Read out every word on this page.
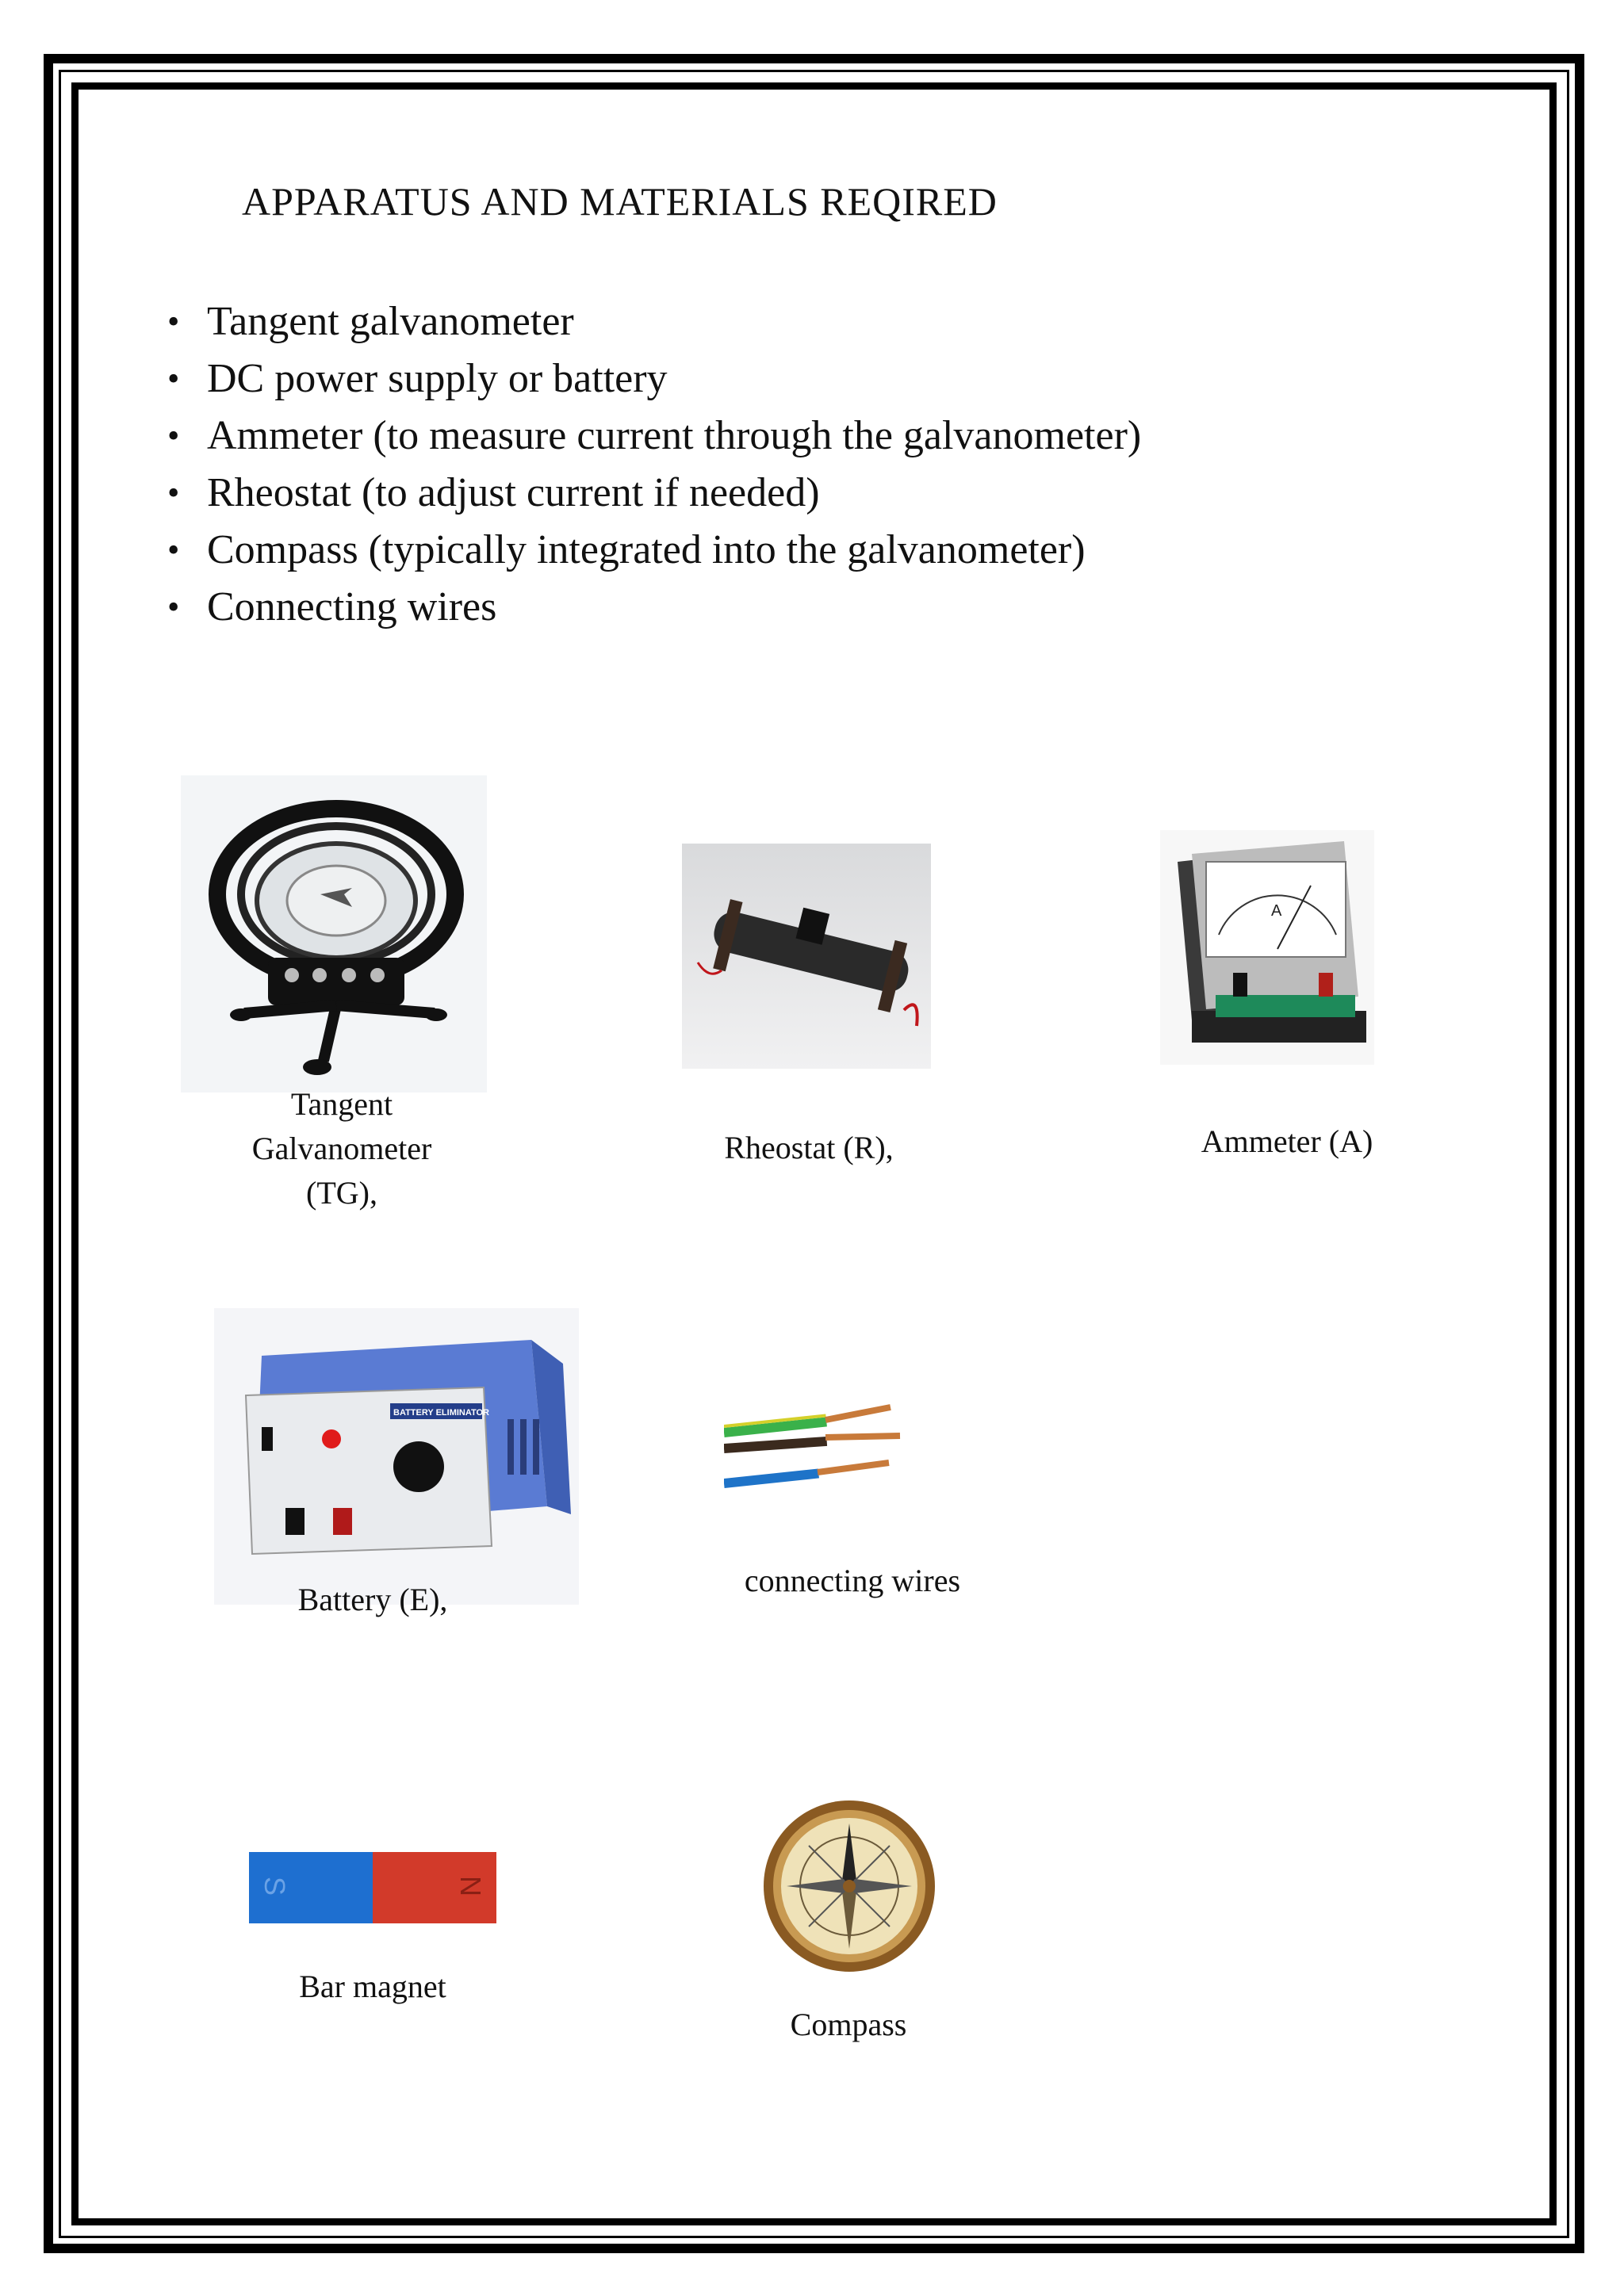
APPARATUS AND MATERIALS REQIRED
• Tangent galvanometer
• DC power supply or battery
• Ammeter (to measure current through the galvanometer)
• Rheostat (to adjust current if needed)
• Compass (typically integrated into the galvanometer)
• Connecting wires
Tangent Galvanometer (TG),
Rheostat (R),
A
Ammeter (A)
BATTERY ELIMINATOR
Battery (E),
connecting wires
S	N
Bar magnet
Compass
